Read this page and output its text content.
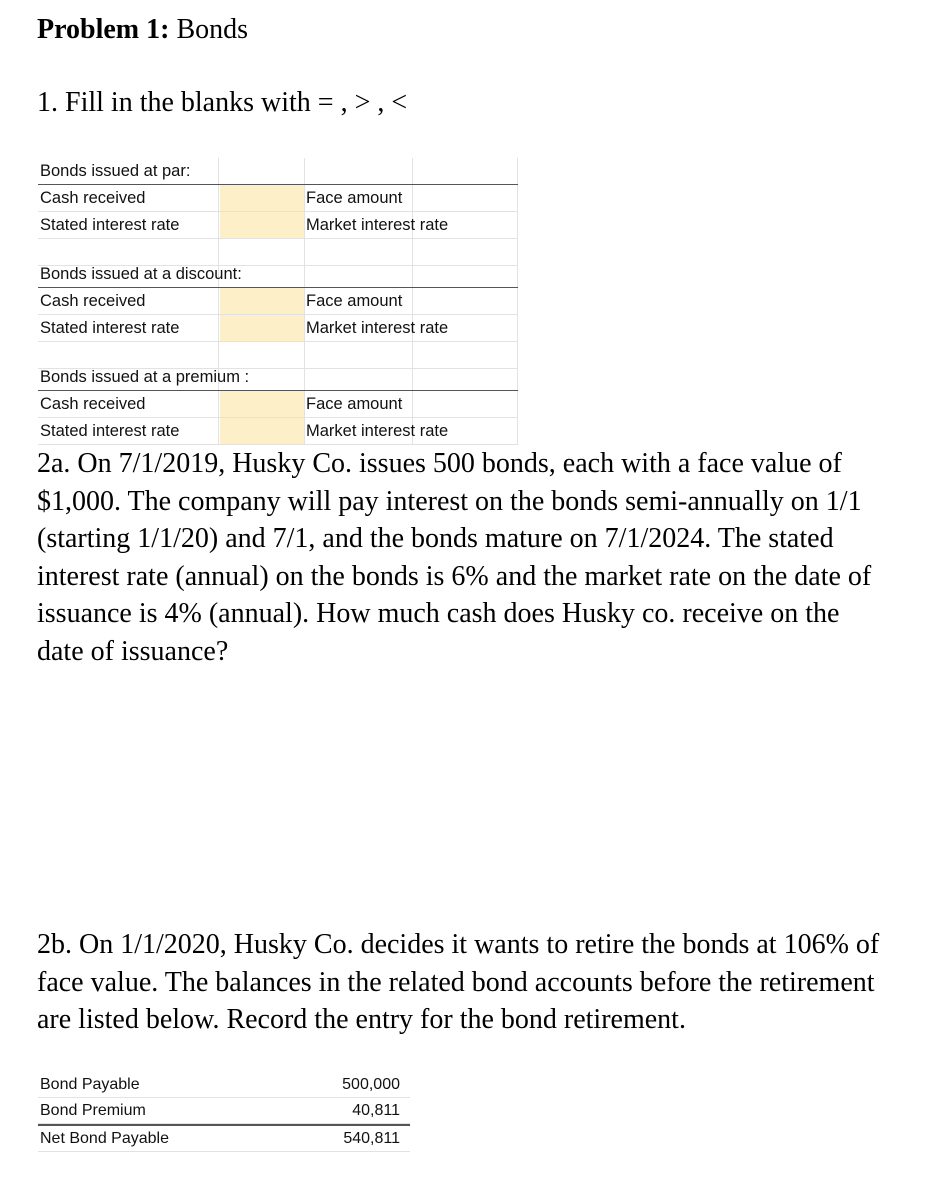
Problem 1: Bonds
1. Fill in the blanks with = , > , <
Bonds issued at par:
Cash received	Face amount
Stated interest rate	Market interest rate
Bonds issued at a discount:
Cash received	Face amount
Stated interest rate	Market interest rate
Bonds issued at a premium :
Cash received	Face amount
Stated interest rate	Market interest rate
2a. On 7/1/2019, Husky Co. issues 500 bonds, each with a face value of $1,000. The company will pay interest on the bonds semi-annually on 1/1 (starting 1/1/20) and 7/1, and the bonds mature on 7/1/2024. The stated interest rate (annual) on the bonds is 6% and the market rate on the date of issuance is 4% (annual). How much cash does Husky co. receive on the date of issuance?
2b. On 1/1/2020, Husky Co. decides it wants to retire the bonds at 106% of face value. The balances in the related bond accounts before the retirement are listed below. Record the entry for the bond retirement.
Bond Payable	500,000
Bond Premium	40,811
Net Bond Payable	540,811
